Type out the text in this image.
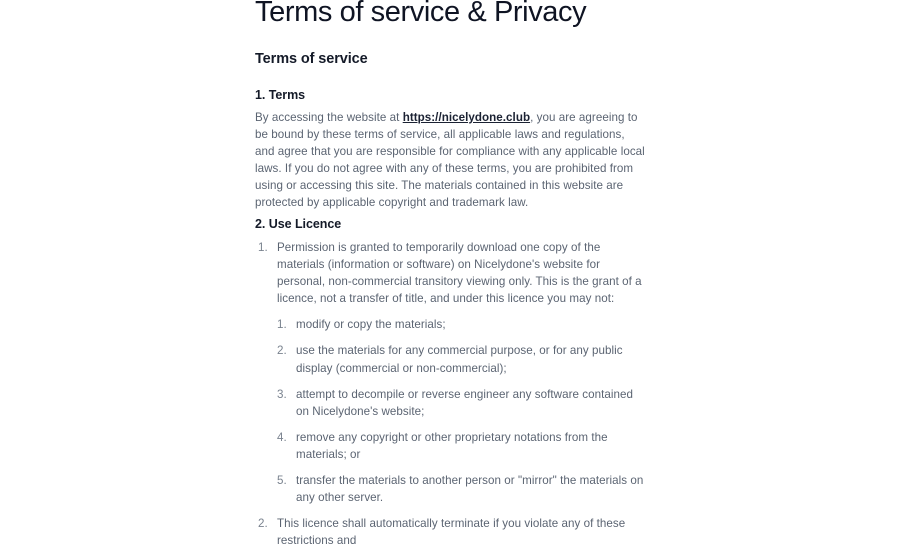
Terms of service & Privacy
Terms of service
1. Terms

By accessing the website at https://nicelydone.club, you are agreeing to be bound by these terms of service, all applicable laws and regulations, and agree that you are responsible for compliance with any applicable local laws. If you do not agree with any of these terms, you are prohibited from using or accessing this site. The materials contained in this website are protected by applicable copyright and trademark law.

2. Use Licence
Permission is granted to temporarily download one copy of the materials (information or software) on Nicelydone's website for personal, non-commercial transitory viewing only. This is the grant of a licence, not a transfer of title, and under this licence you may not:
modify or copy the materials;
use the materials for any commercial purpose, or for any public display (commercial or non-commercial);
attempt to decompile or reverse engineer any software contained on Nicelydone's website;
remove any copyright or other proprietary notations from the materials; or
transfer the materials to another person or "mirror" the materials on any other server.
This licence shall automatically terminate if you violate any of these restrictions and
